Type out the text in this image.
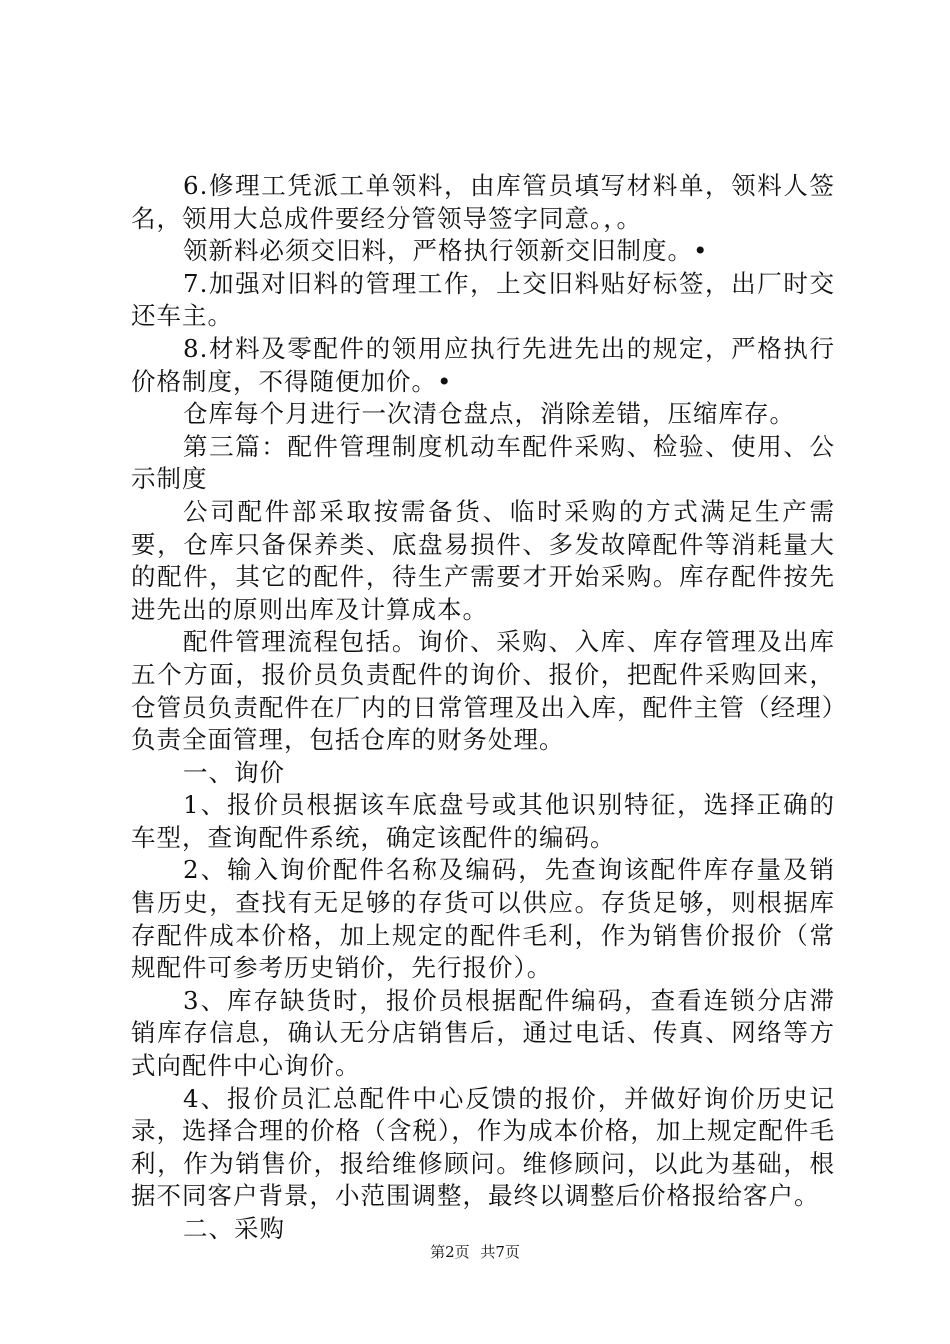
6.修理工凭派工单领料，由库管员填写材料单，领料人签名，领用大总成件要经分管领导签字同意。，。

领新料必须交旧料，严格执行领新交旧制度。•

7.加强对旧料的管理工作，上交旧料贴好标签，出厂时交还车主。

8.材料及零配件的领用应执行先进先出的规定，严格执行价格制度，不得随便加价。•

仓库每个月进行一次清仓盘点，消除差错，压缩库存。

第三篇：配件管理制度机动车配件采购、检验、使用、公示制度

公司配件部采取按需备货、临时采购的方式满足生产需要，仓库只备保养类、底盘易损件、多发故障配件等消耗量大的配件，其它的配件，待生产需要才开始采购。库存配件按先进先出的原则出库及计算成本。

配件管理流程包括。询价、采购、入库、库存管理及出库五个方面，报价员负责配件的询价、报价，把配件采购回来，仓管员负责配件在厂内的日常管理及出入库，配件主管（经理）负责全面管理，包括仓库的财务处理。

一、询价

1、报价员根据该车底盘号或其他识别特征，选择正确的车型，查询配件系统，确定该配件的编码。

2、输入询价配件名称及编码，先查询该配件库存量及销售历史，查找有无足够的存货可以供应。存货足够，则根据库存配件成本价格，加上规定的配件毛利，作为销售价报价（常规配件可参考历史销价，先行报价）。

3、库存缺货时，报价员根据配件编码，查看连锁分店滞销库存信息，确认无分店销售后，通过电话、传真、网络等方式向配件中心询价。

4、报价员汇总配件中心反馈的报价，并做好询价历史记录，选择合理的价格（含税），作为成本价格，加上规定配件毛利，作为销售价，报给维修顾问。维修顾问，以此为基础，根据不同客户背景，小范围调整，最终以调整后价格报给客户。

二、采购

第2页 共7页
